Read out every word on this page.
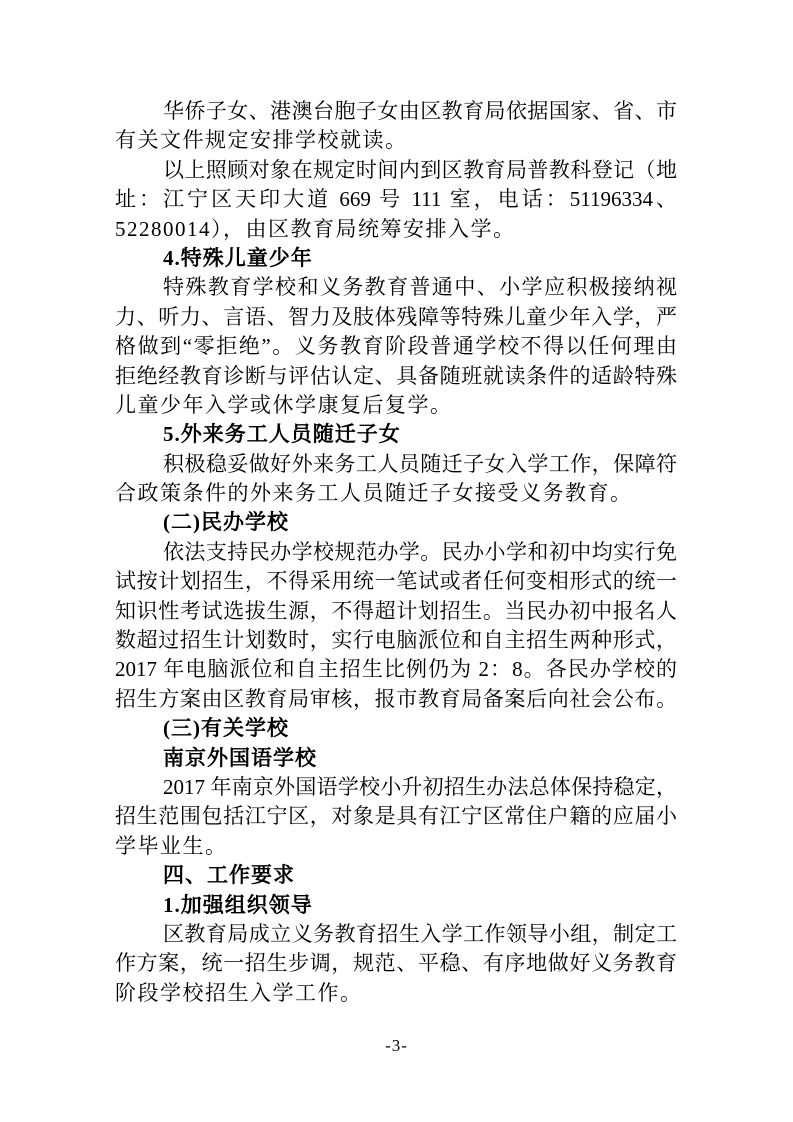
华侨子女、港澳台胞子女由区教育局依据国家、省、市
有关文件规定安排学校就读。
以上照顾对象在规定时间内到区教育局普教科登记（地
址：江宁区天印大道 669 号 111 室，电话：51196334、
52280014），由区教育局统筹安排入学。
4.特殊儿童少年
特殊教育学校和义务教育普通中、小学应积极接纳视
力、听力、言语、智力及肢体残障等特殊儿童少年入学，严
格做到“零拒绝”。义务教育阶段普通学校不得以任何理由
拒绝经教育诊断与评估认定、具备随班就读条件的适龄特殊
儿童少年入学或休学康复后复学。
5.外来务工人员随迁子女
积极稳妥做好外来务工人员随迁子女入学工作，保障符
合政策条件的外来务工人员随迁子女接受义务教育。
(二)民办学校
依法支持民办学校规范办学。民办小学和初中均实行免
试按计划招生，不得采用统一笔试或者任何变相形式的统一
知识性考试选拔生源，不得超计划招生。当民办初中报名人
数超过招生计划数时，实行电脑派位和自主招生两种形式，
2017 年电脑派位和自主招生比例仍为 2：8。各民办学校的
招生方案由区教育局审核，报市教育局备案后向社会公布。
(三)有关学校
南京外国语学校
2017 年南京外国语学校小升初招生办法总体保持稳定，
招生范围包括江宁区，对象是具有江宁区常住户籍的应届小
学毕业生。
四、工作要求
1.加强组织领导
区教育局成立义务教育招生入学工作领导小组，制定工
作方案，统一招生步调，规范、平稳、有序地做好义务教育
阶段学校招生入学工作。
-3-
